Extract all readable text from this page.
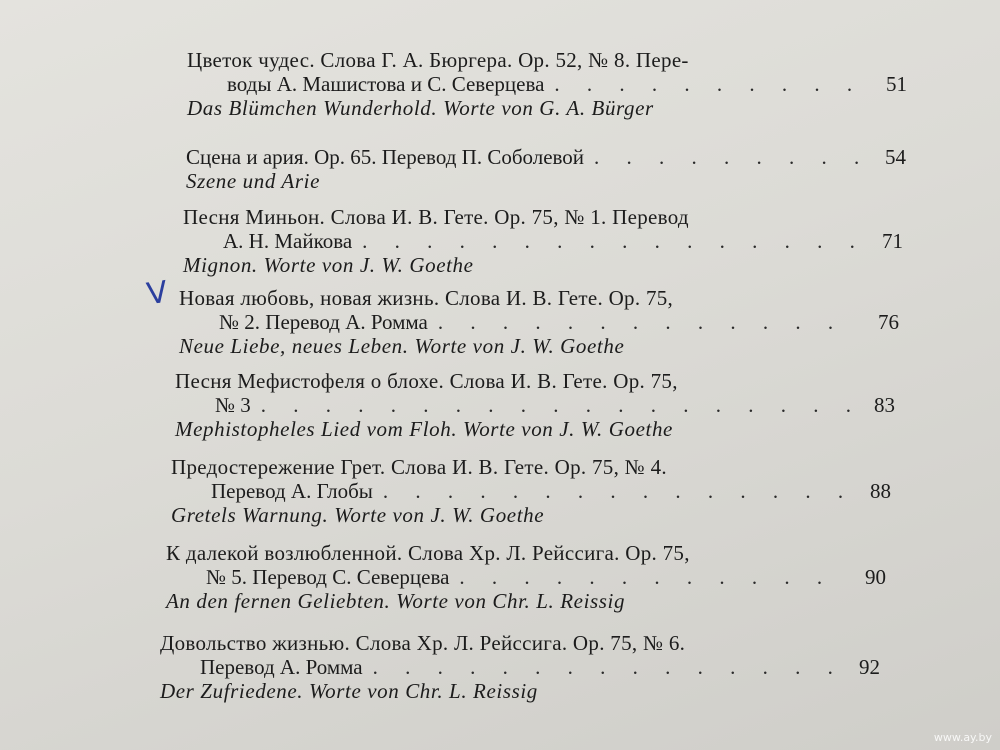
Цветок чудес. Слова Г. А. Бюргера. Ор. 52, № 8. Пере-
воды А. Машистова и С. Северцева . . .	51
Das Blümchen Wunderhold. Worte von G. A. Bürger
Сцена и ария. Ор. 65. Перевод П. Соболевой . . .	54
Szene und Arie
Песня Миньон. Слова И. В. Гете. Ор. 75, № 1. Перевод
А. Н. Майкова . . .	71
Mignon. Worte von J. W. Goethe
Новая любовь, новая жизнь. Слова И. В. Гете. Ор. 75,
№ 2. Перевод А. Ромма . . .	76
Neue Liebe, neues Leben. Worte von J. W. Goethe
Песня Мефистофеля о блохе. Слова И. В. Гете. Ор. 75,
№ 3 . . .	83
Mephistopheles Lied vom Floh. Worte von J. W. Goethe
Предостережение Грет. Слова И. В. Гете. Ор. 75, № 4.
Перевод А. Глобы . . .	88
Gretels Warnung. Worte von J. W. Goethe
К далекой возлюбленной. Слова Хр. Л. Рейссига. Ор. 75,
№ 5. Перевод С. Северцева . . .	90
An den fernen Geliebten. Worte von Chr. L. Reissig
Довольство жизнью. Слова Хр. Л. Рейссига. Ор. 75, № 6.
Перевод А. Ромма . . .	92
Der Zufriedene. Worte von Chr. L. Reissig
V
www.ay.by
